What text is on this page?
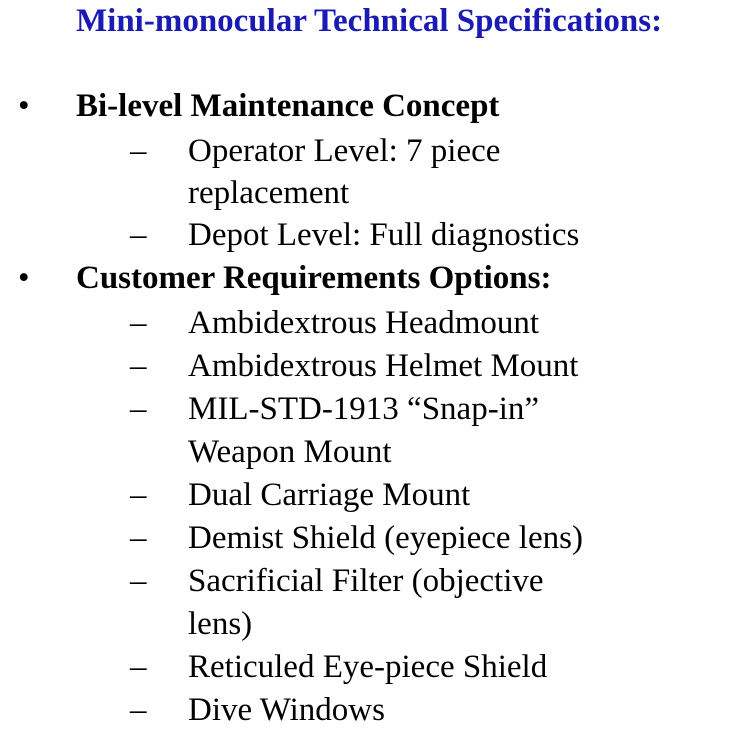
Mini-monocular Technical Specifications:
• Bi-level Maintenance Concept
– Operator Level: 7 piece
replacement
– Depot Level: Full diagnostics
• Customer Requirements Options:
– Ambidextrous Headmount
– Ambidextrous Helmet Mount
– MIL-STD-1913 “Snap-in”
Weapon Mount
– Dual Carriage Mount
– Demist Shield (eyepiece lens)
– Sacrificial Filter (objective
lens)
– Reticuled Eye-piece Shield
– Dive Windows
